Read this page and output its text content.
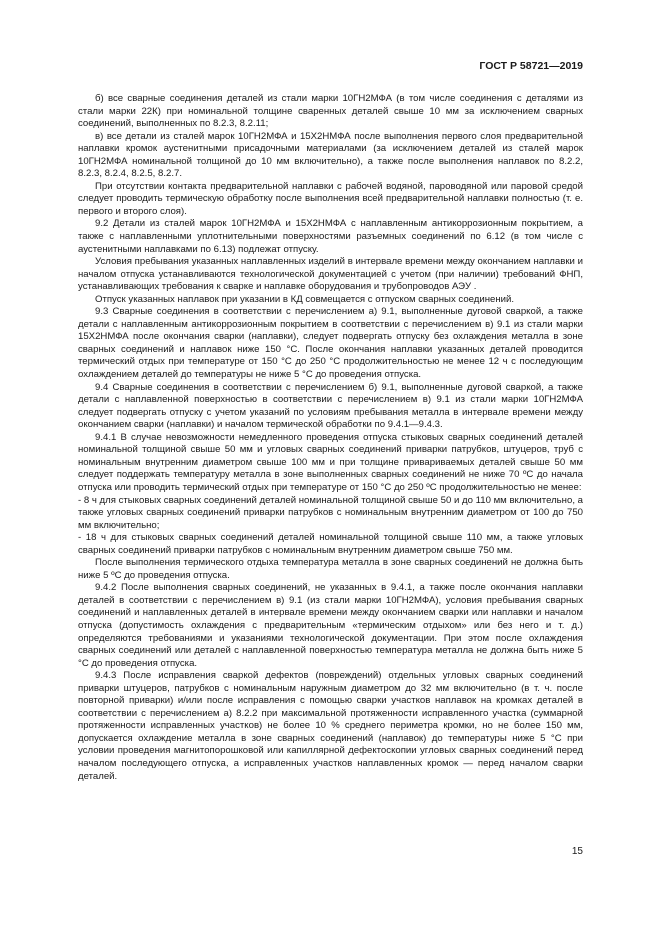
ГОСТ Р 58721—2019

б) все сварные соединения деталей из стали марки 10ГН2МФА (в том числе соединения с деталями из стали марки 22К) при номинальной толщине сваренных деталей свыше 10 мм за исключением сварных соединений, выполненных по 8.2.3, 8.2.11;

в) все детали из сталей марок 10ГН2МФА и 15Х2НМФА после выполнения первого слоя предварительной наплавки кромок аустенитными присадочными материалами (за исключением деталей из сталей марок 10ГН2МФА номинальной толщиной до 10 мм включительно), а также после выполнения наплавок по 8.2.2, 8.2.3, 8.2.4, 8.2.5, 8.2.7.

При отсутствии контакта предварительной наплавки с рабочей водяной, пароводяной или паровой средой следует проводить термическую обработку после выполнения всей предварительной наплавки полностью (т. е. первого и второго слоя).

9.2 Детали из сталей марок 10ГН2МФА и 15Х2НМФА с наплавленным антикоррозионным покрытием, а также с наплавленными уплотнительными поверхностями разъемных соединений по 6.12 (в том числе с аустенитными наплавками по 6.13) подлежат отпуску.

Условия пребывания указанных наплавленных изделий в интервале времени между окончанием наплавки и началом отпуска устанавливаются технологической документацией с учетом (при наличии) требований ФНП, устанавливающих требования к сварке и наплавке оборудования и трубопроводов АЭУ .

Отпуск указанных наплавок при указании в КД совмещается с отпуском сварных соединений.

9.3 Сварные соединения в соответствии с перечислением а) 9.1, выполненные дуговой сваркой, а также детали с наплавленным антикоррозионным покрытием в соответствии с перечислением в) 9.1 из стали марки 15Х2НМФА после окончания сварки (наплавки), следует подвергать отпуску без охлаждения металла в зоне сварных соединений и наплавок ниже 150 °С. После окончания наплавки указанных деталей проводится термический отдых при температуре от 150 °С до 250 °С продолжительностью не менее 12 ч с последующим охлаждением деталей до температуры не ниже 5 °С до проведения отпуска.

9.4 Сварные соединения в соответствии с перечислением б) 9.1, выполненные дуговой сваркой, а также детали с наплавленной поверхностью в соответствии с перечислением в) 9.1 из стали марки 10ГН2МФА следует подвергать отпуску с учетом указаний по условиям пребывания металла в интервале времени между окончанием сварки (наплавки) и началом термической обработки по 9.4.1—9.4.3.

9.4.1 В случае невозможности немедленного проведения отпуска стыковых сварных соединений деталей номинальной толщиной свыше 50 мм и угловых сварных соединений приварки патрубков, штуцеров, труб с номинальным внутренним диаметром свыше 100 мм и при толщине привариваемых деталей свыше 50 мм следует поддержать температуру металла в зоне выполненных сварных соединений не ниже 70 ºС до начала отпуска или проводить термический отдых при температуре от 150 °С до 250 ºС продолжительностью не менее:

- 8 ч для стыковых сварных соединений деталей номинальной толщиной свыше 50 и до 110 мм включительно, а также угловых сварных соединений приварки патрубков с номинальным внутренним диаметром от 100 до 750 мм включительно;

- 18 ч для стыковых сварных соединений деталей номинальной толщиной свыше 110 мм, а также угловых сварных соединений приварки патрубков с номинальным внутренним диаметром свыше 750 мм.

После выполнения термического отдыха температура металла в зоне сварных соединений не должна быть ниже 5 ºС до проведения отпуска.

9.4.2 После выполнения сварных соединений, не указанных в 9.4.1, а также после окончания наплавки деталей в соответствии с перечислением в) 9.1 (из стали марки 10ГН2МФА), условия пребывания сварных соединений и наплавленных деталей в интервале времени между окончанием сварки или наплавки и началом отпуска (допустимость охлаждения с предварительным «термическим отдыхом» или без него и т. д.) определяются требованиями и указаниями технологической документации. При этом после охлаждения сварных соединений или деталей с наплавленной поверхностью температура металла не должна быть ниже 5 °С до проведения отпуска.

9.4.3 После исправления сваркой дефектов (повреждений) отдельных угловых сварных соединений приварки штуцеров, патрубков с номинальным наружным диаметром до 32 мм включительно (в т. ч. после повторной приварки) и/или после исправления с помощью сварки участков наплавок на кромках деталей в соответствии с перечислением а) 8.2.2 при максимальной протяженности исправленного участка (суммарной протяженности исправленных участков) не более 10 % среднего периметра кромки, но не более 150 мм, допускается охлаждение металла в зоне сварных соединений (наплавок) до температуры ниже 5 °С при условии проведения магнитопорошковой или капиллярной дефектоскопии угловых сварных соединений перед началом последующего отпуска, а исправленных участков наплавленных кромок — перед началом сварки деталей.

15
